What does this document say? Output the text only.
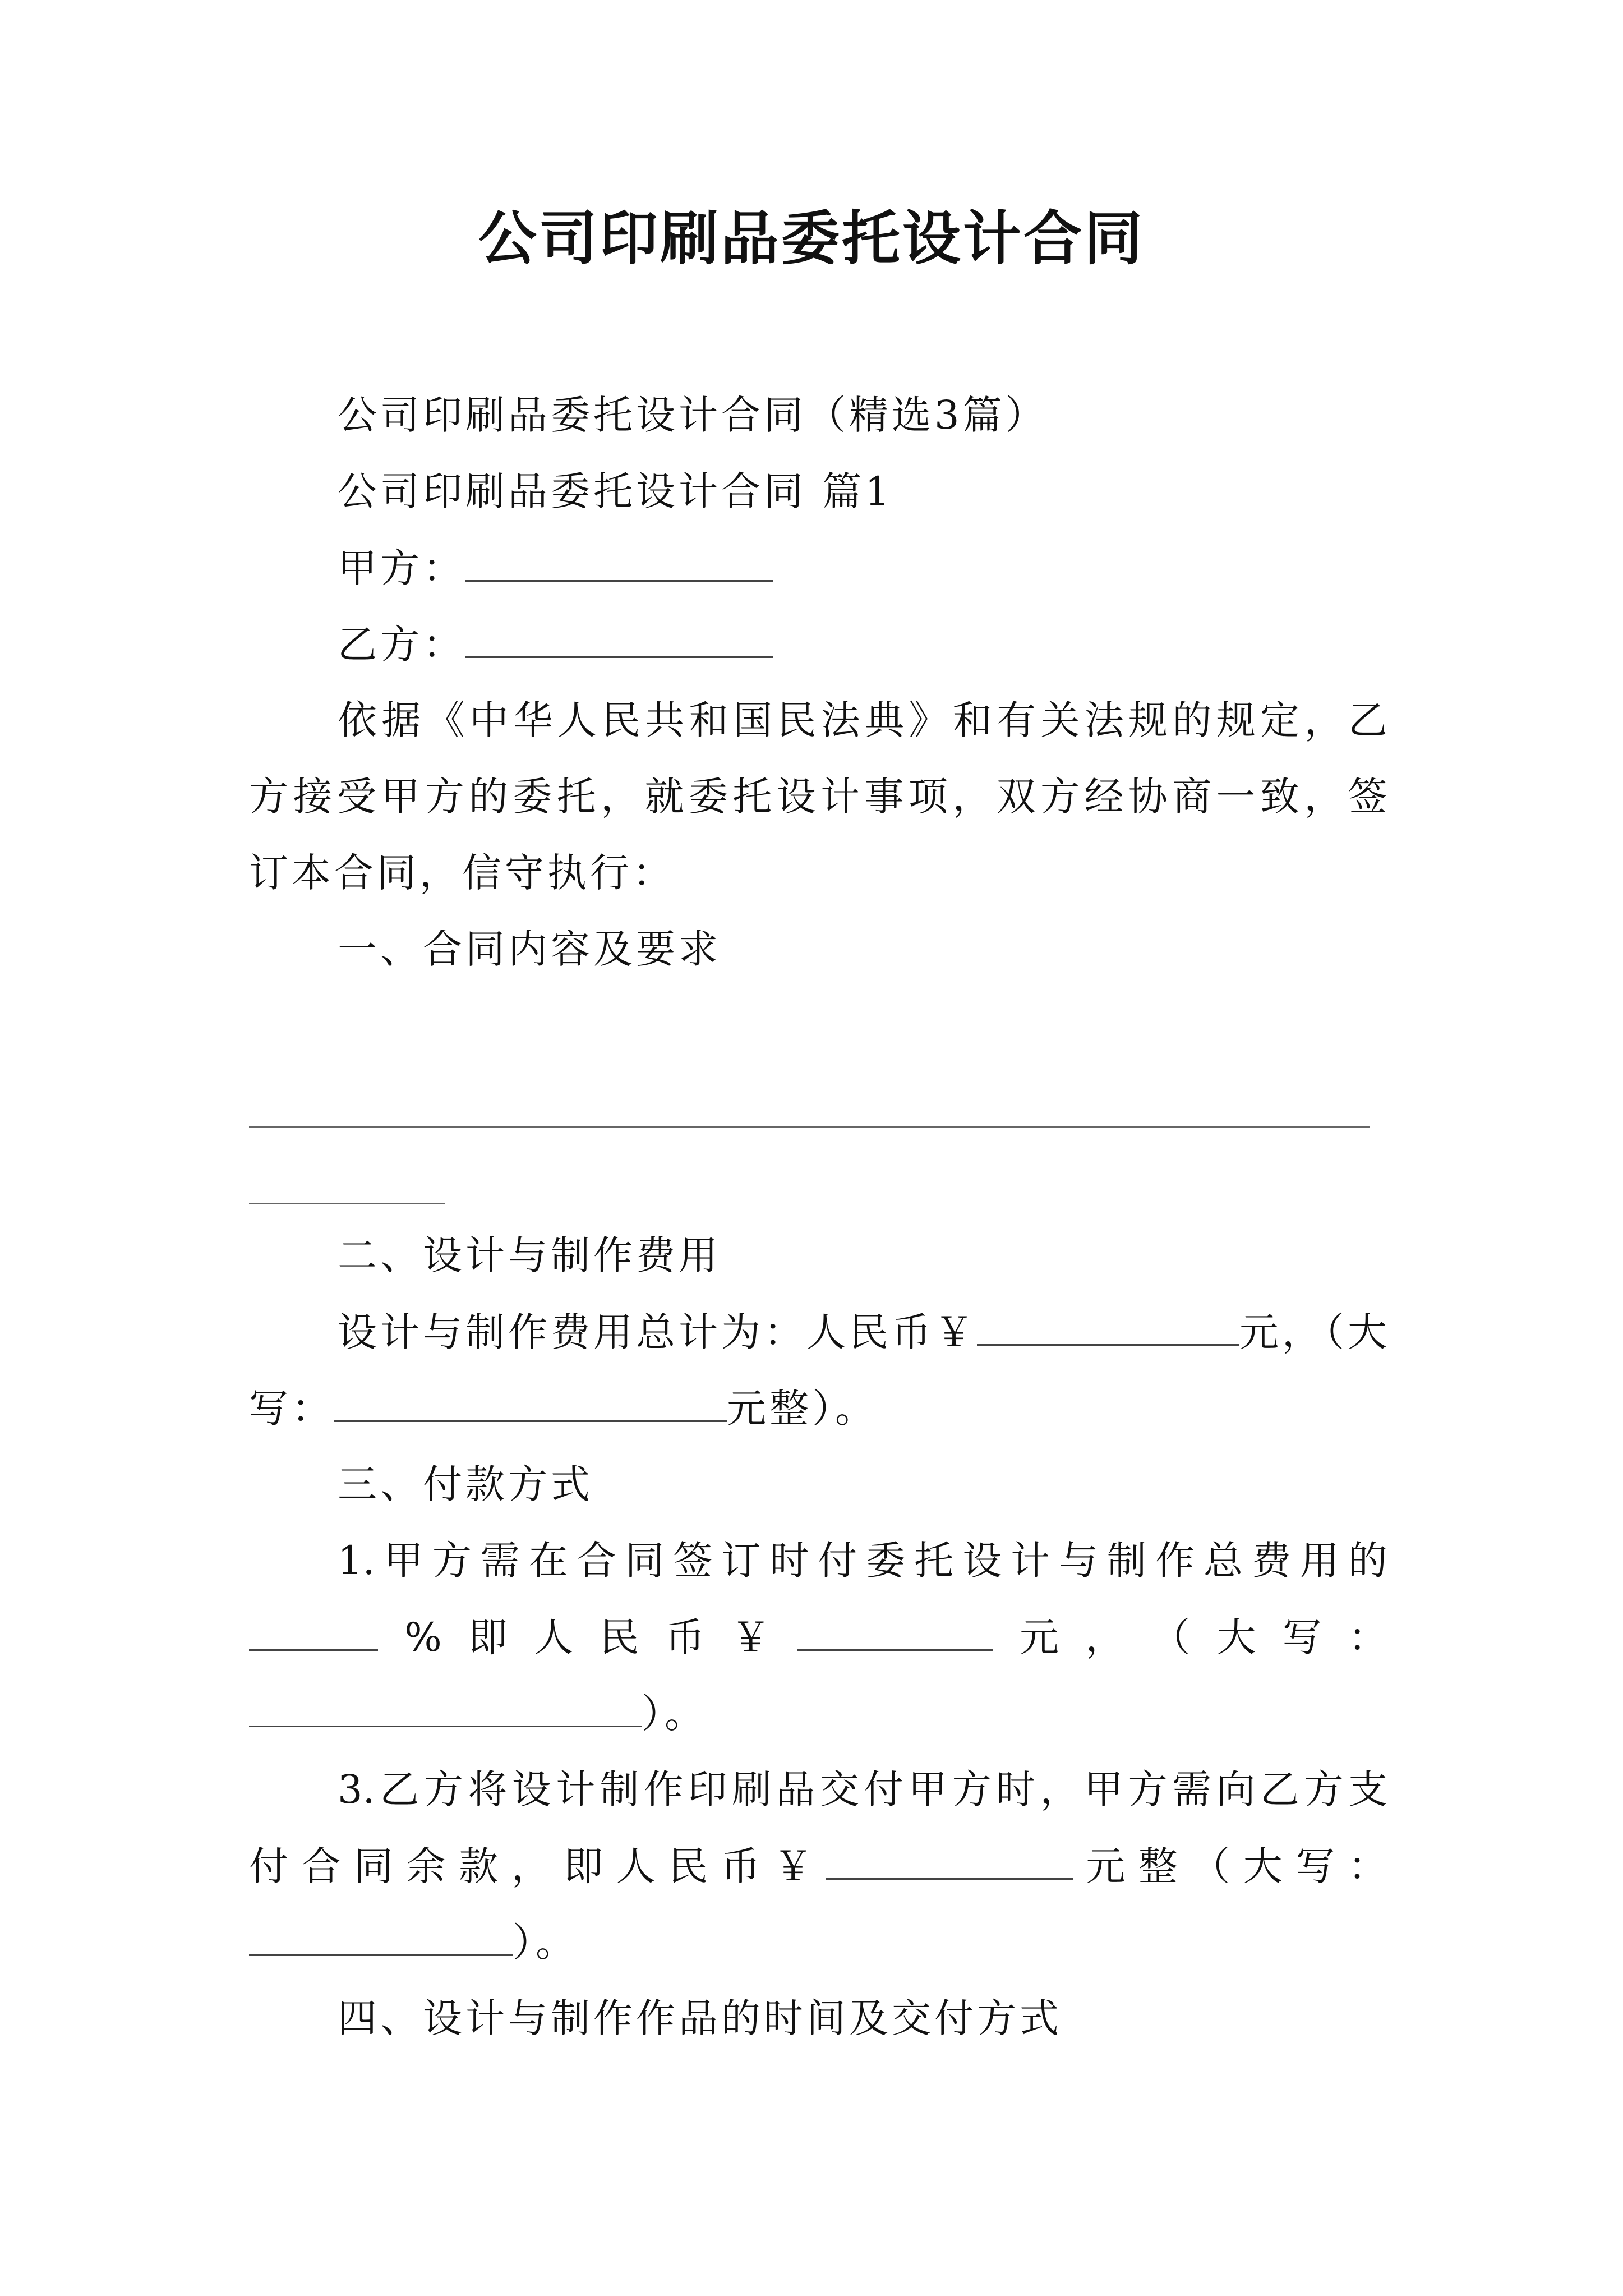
公司印刷品委托设计合同
公司印刷品委托设计合同（精选3篇）
公司印刷品委托设计合同 篇1
甲方：
乙方：
依 据 《 中 华 人 民 共 和 国 民 法 典 》 和 有 关 法 规 的 规 定 ， 乙
方 接 受 甲 方 的 委 托 ， 就 委 托 设 计 事 项 ， 双 方 经 协 商 一 致 ， 签
订本合同，信守执行：
一、合同内容及要求
二、设计与制作费用
设计与制作费用总计为：人民币￥	元，（大
写：	元整）。
三、付款方式
1. 甲 方 需 在 合 同 签 订 时 付 委 托 设 计 与 制 作 总 费 用 的
% 即 人 民 币 ￥	元 ， （ 大 写 ：
）。
3. 乙 方 将 设 计 制 作 印 刷 品 交 付 甲 方 时 ， 甲 方 需 向 乙 方 支
付 合 同 余 款 ， 即 人 民 币 ￥	元 整 （ 大 写 ：
）。
四、设计与制作作品的时间及交付方式
